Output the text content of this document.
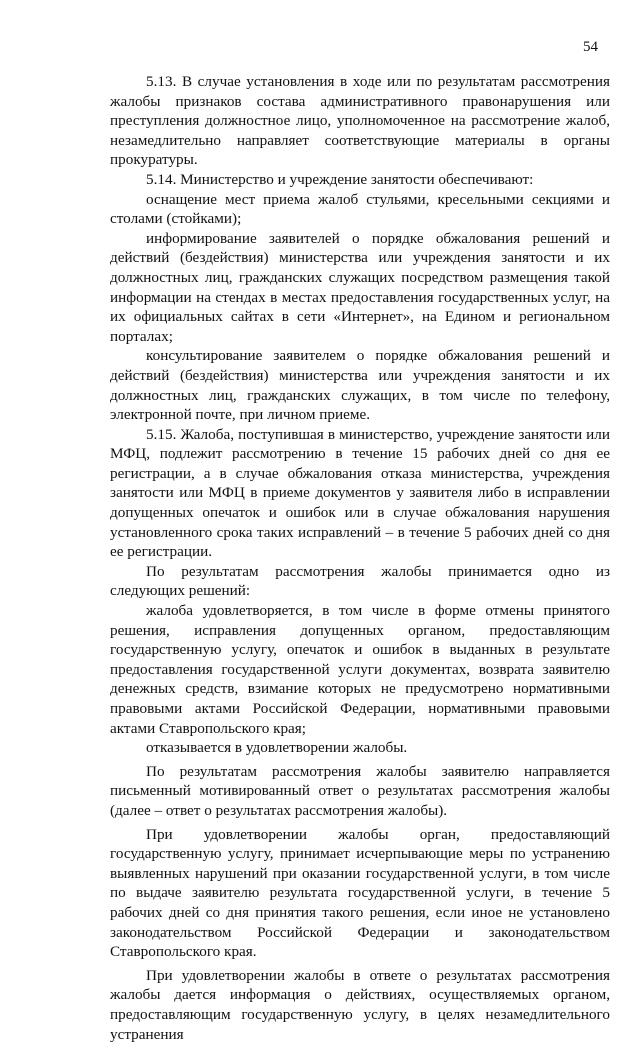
54

5.13. В случае установления в ходе или по результатам рассмотрения жалобы признаков состава административного правонарушения или преступления должностное лицо, уполномоченное на рассмотрение жалоб, незамедлительно направляет соответствующие материалы в органы прокуратуры.

5.14. Министерство и учреждение занятости обеспечивают:

оснащение мест приема жалоб стульями, кресельными секциями и столами (стойками);

информирование заявителей о порядке обжалования решений и действий (бездействия) министерства или учреждения занятости и их должностных лиц, гражданских служащих посредством размещения такой информации на стендах в местах предоставления государственных услуг, на их официальных сайтах в сети «Интернет», на Едином и региональном порталах;

консультирование заявителем о порядке обжалования решений и действий (бездействия) министерства или учреждения занятости и их должностных лиц, гражданских служащих, в том числе по телефону, электронной почте, при личном приеме.

5.15. Жалоба, поступившая в министерство, учреждение занятости или МФЦ, подлежит рассмотрению в течение 15 рабочих дней со дня ее регистрации, а в случае обжалования отказа министерства, учреждения занятости или МФЦ в приеме документов у заявителя либо в исправлении допущенных опечаток и ошибок или в случае обжалования нарушения установленного срока таких исправлений – в течение 5 рабочих дней со дня ее регистрации.

По результатам рассмотрения жалобы принимается одно из следующих решений:

жалоба удовлетворяется, в том числе в форме отмены принятого решения, исправления допущенных органом, предоставляющим государственную услугу, опечаток и ошибок в выданных в результате предоставления государственной услуги документах, возврата заявителю денежных средств, взимание которых не предусмотрено нормативными правовыми актами Российской Федерации, нормативными правовыми актами Ставропольского края;

отказывается в удовлетворении жалобы.

По результатам рассмотрения жалобы заявителю направляется письменный мотивированный ответ о результатах рассмотрения жалобы (далее – ответ о результатах рассмотрения жалобы).

При удовлетворении жалобы орган, предоставляющий государственную услугу, принимает исчерпывающие меры по устранению выявленных нарушений при оказании государственной услуги, в том числе по выдаче заявителю результата государственной услуги, в течение 5 рабочих дней со дня принятия такого решения, если иное не установлено законодательством Российской Федерации и законодательством Ставропольского края.

При удовлетворении жалобы в ответе о результатах рассмотрения жалобы дается информация о действиях, осуществляемых органом, предоставляющим государственную услугу, в целях незамедлительного устранения
